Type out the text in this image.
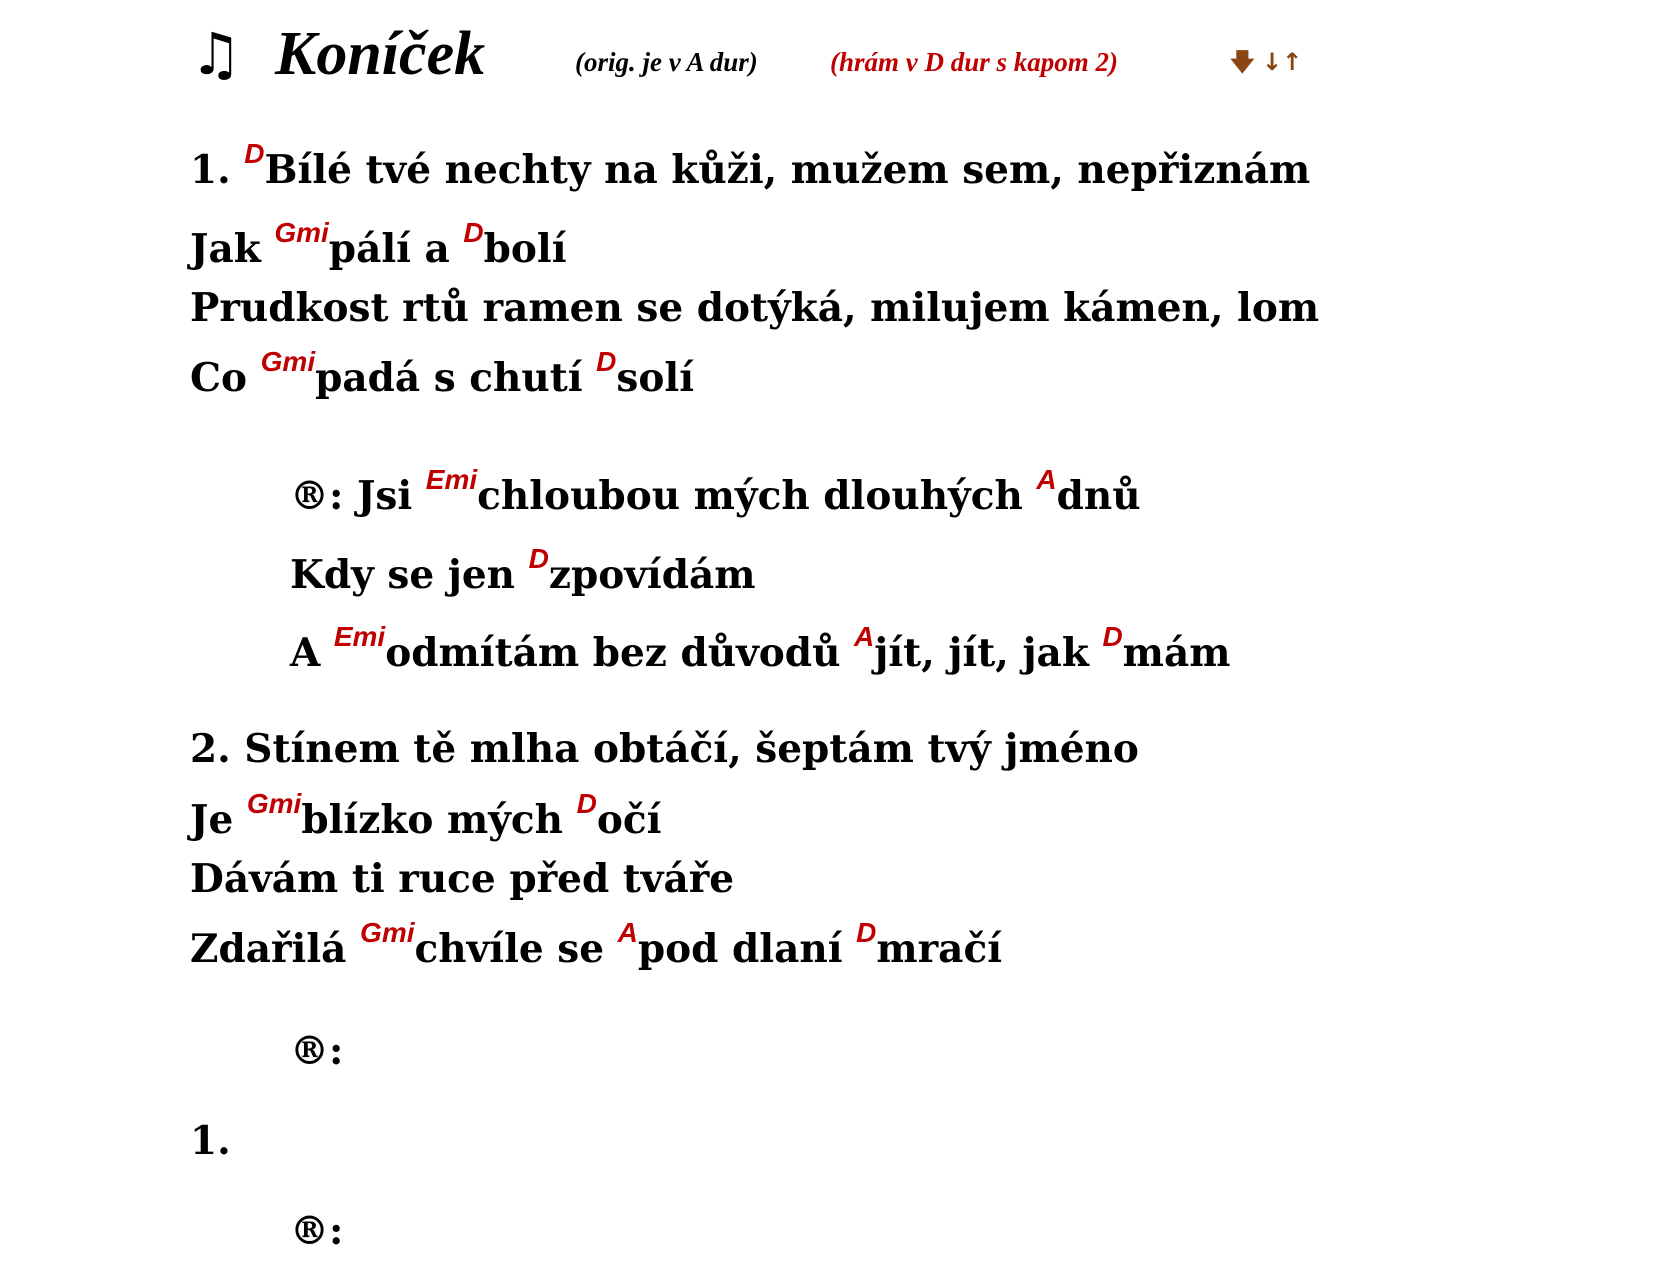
♫ Koníček	(orig. je v A dur)	(hrám v D dur s kapom 2)	🡇 ↓↑
1. $^D$Bílé tvé nechty na kůži, mužem sem, nepřiznám
Jak $^{Gmi}$pálí a $^D$bolí
Prudkost rtů ramen se dotýká, milujem kámen, lom
Co $^{Gmi}$padá s chutí $^D$solí
®: Jsi $^{Emi}$chloubou mých dlouhých $^A$dnů
Kdy se jen $^D$zpovídám
A $^{Emi}$odmítám bez důvodů $^A$jít, jít, jak $^D$mám
2. Stínem tě mlha obtáčí, šeptám tvý jméno
Je $^{Gmi}$blízko mých $^D$očí
Dávám ti ruce před tváře
Zdařilá $^{Gmi}$chvíle se $^A$pod dlaní $^D$mračí
®:
1.
®:
